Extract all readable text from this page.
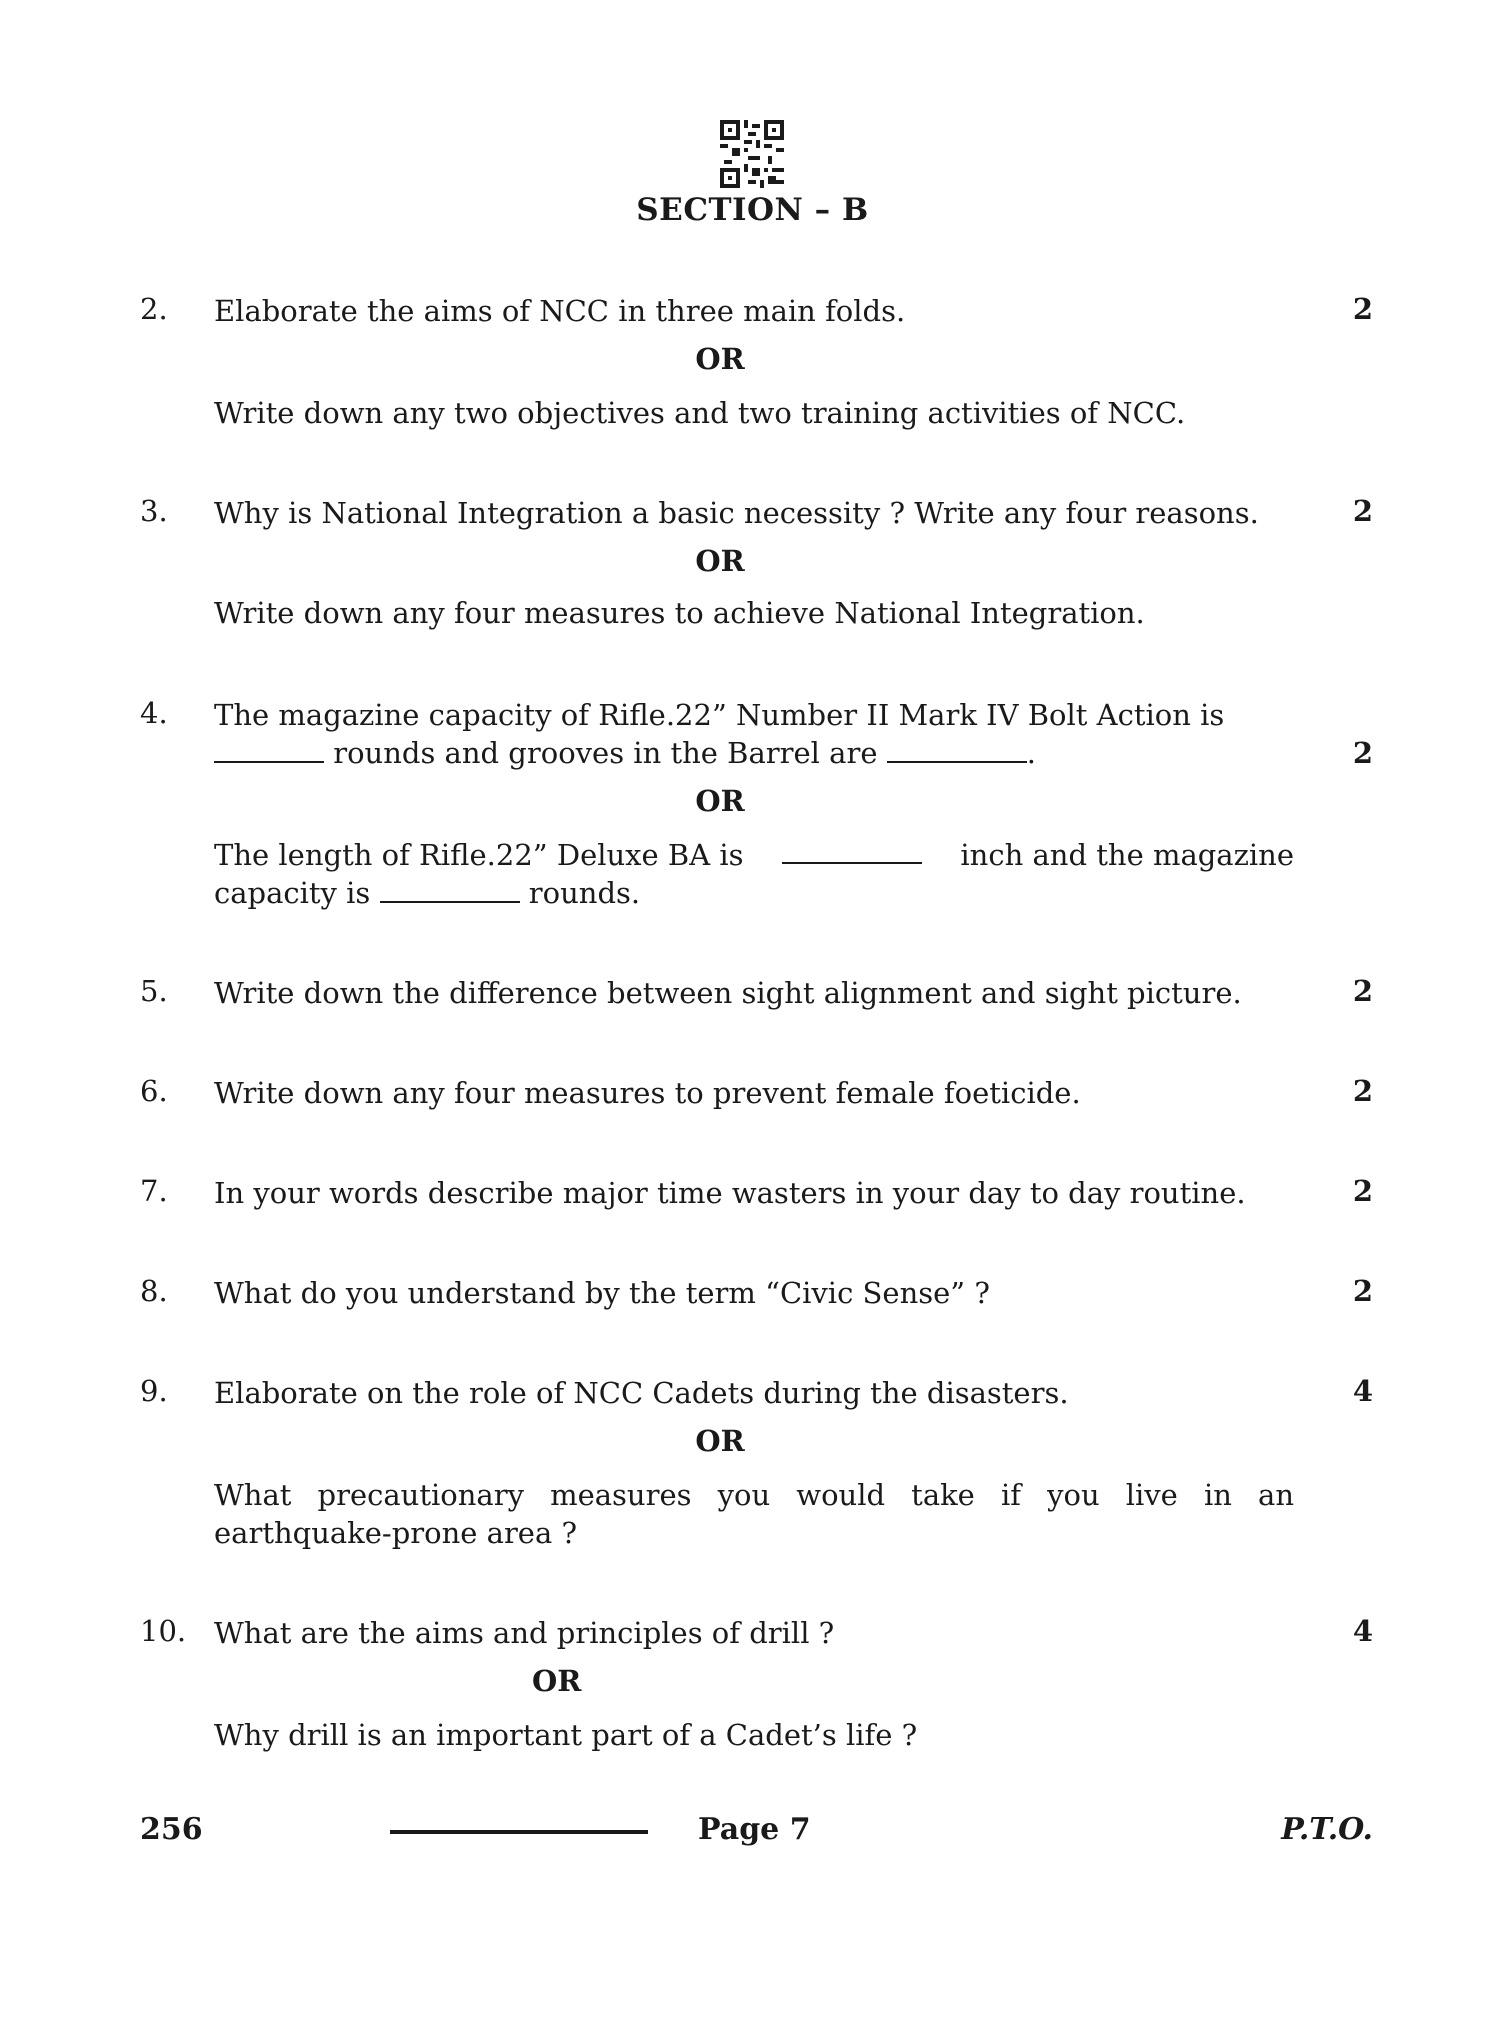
SECTION – B
2. Elaborate the aims of NCC in three main folds.	2
OR
Write down any two objectives and two training activities of NCC.
3. Why is National Integration a basic necessity ? Write any four reasons.	2
OR
Write down any four measures to achieve National Integration.
4. The magazine capacity of Rifle.22” Number II Mark IV Bolt Action is
rounds and grooves in the Barrel are	.	2
OR
The length of Rifle.22” Deluxe BA is	inch and the magazine
capacity is	rounds.
5. Write down the difference between sight alignment and sight picture.	2
6. Write down any four measures to prevent female foeticide.	2
7. In your words describe major time wasters in your day to day routine.	2
8. What do you understand by the term “Civic Sense” ?	2
9. Elaborate on the role of NCC Cadets during the disasters.	4
OR
What precautionary measures you would take if you live in an earthquake-prone area ?
10. What are the aims and principles of drill ?	4
OR
Why drill is an important part of a Cadet’s life ?
256	Page 7	P.T.O.
